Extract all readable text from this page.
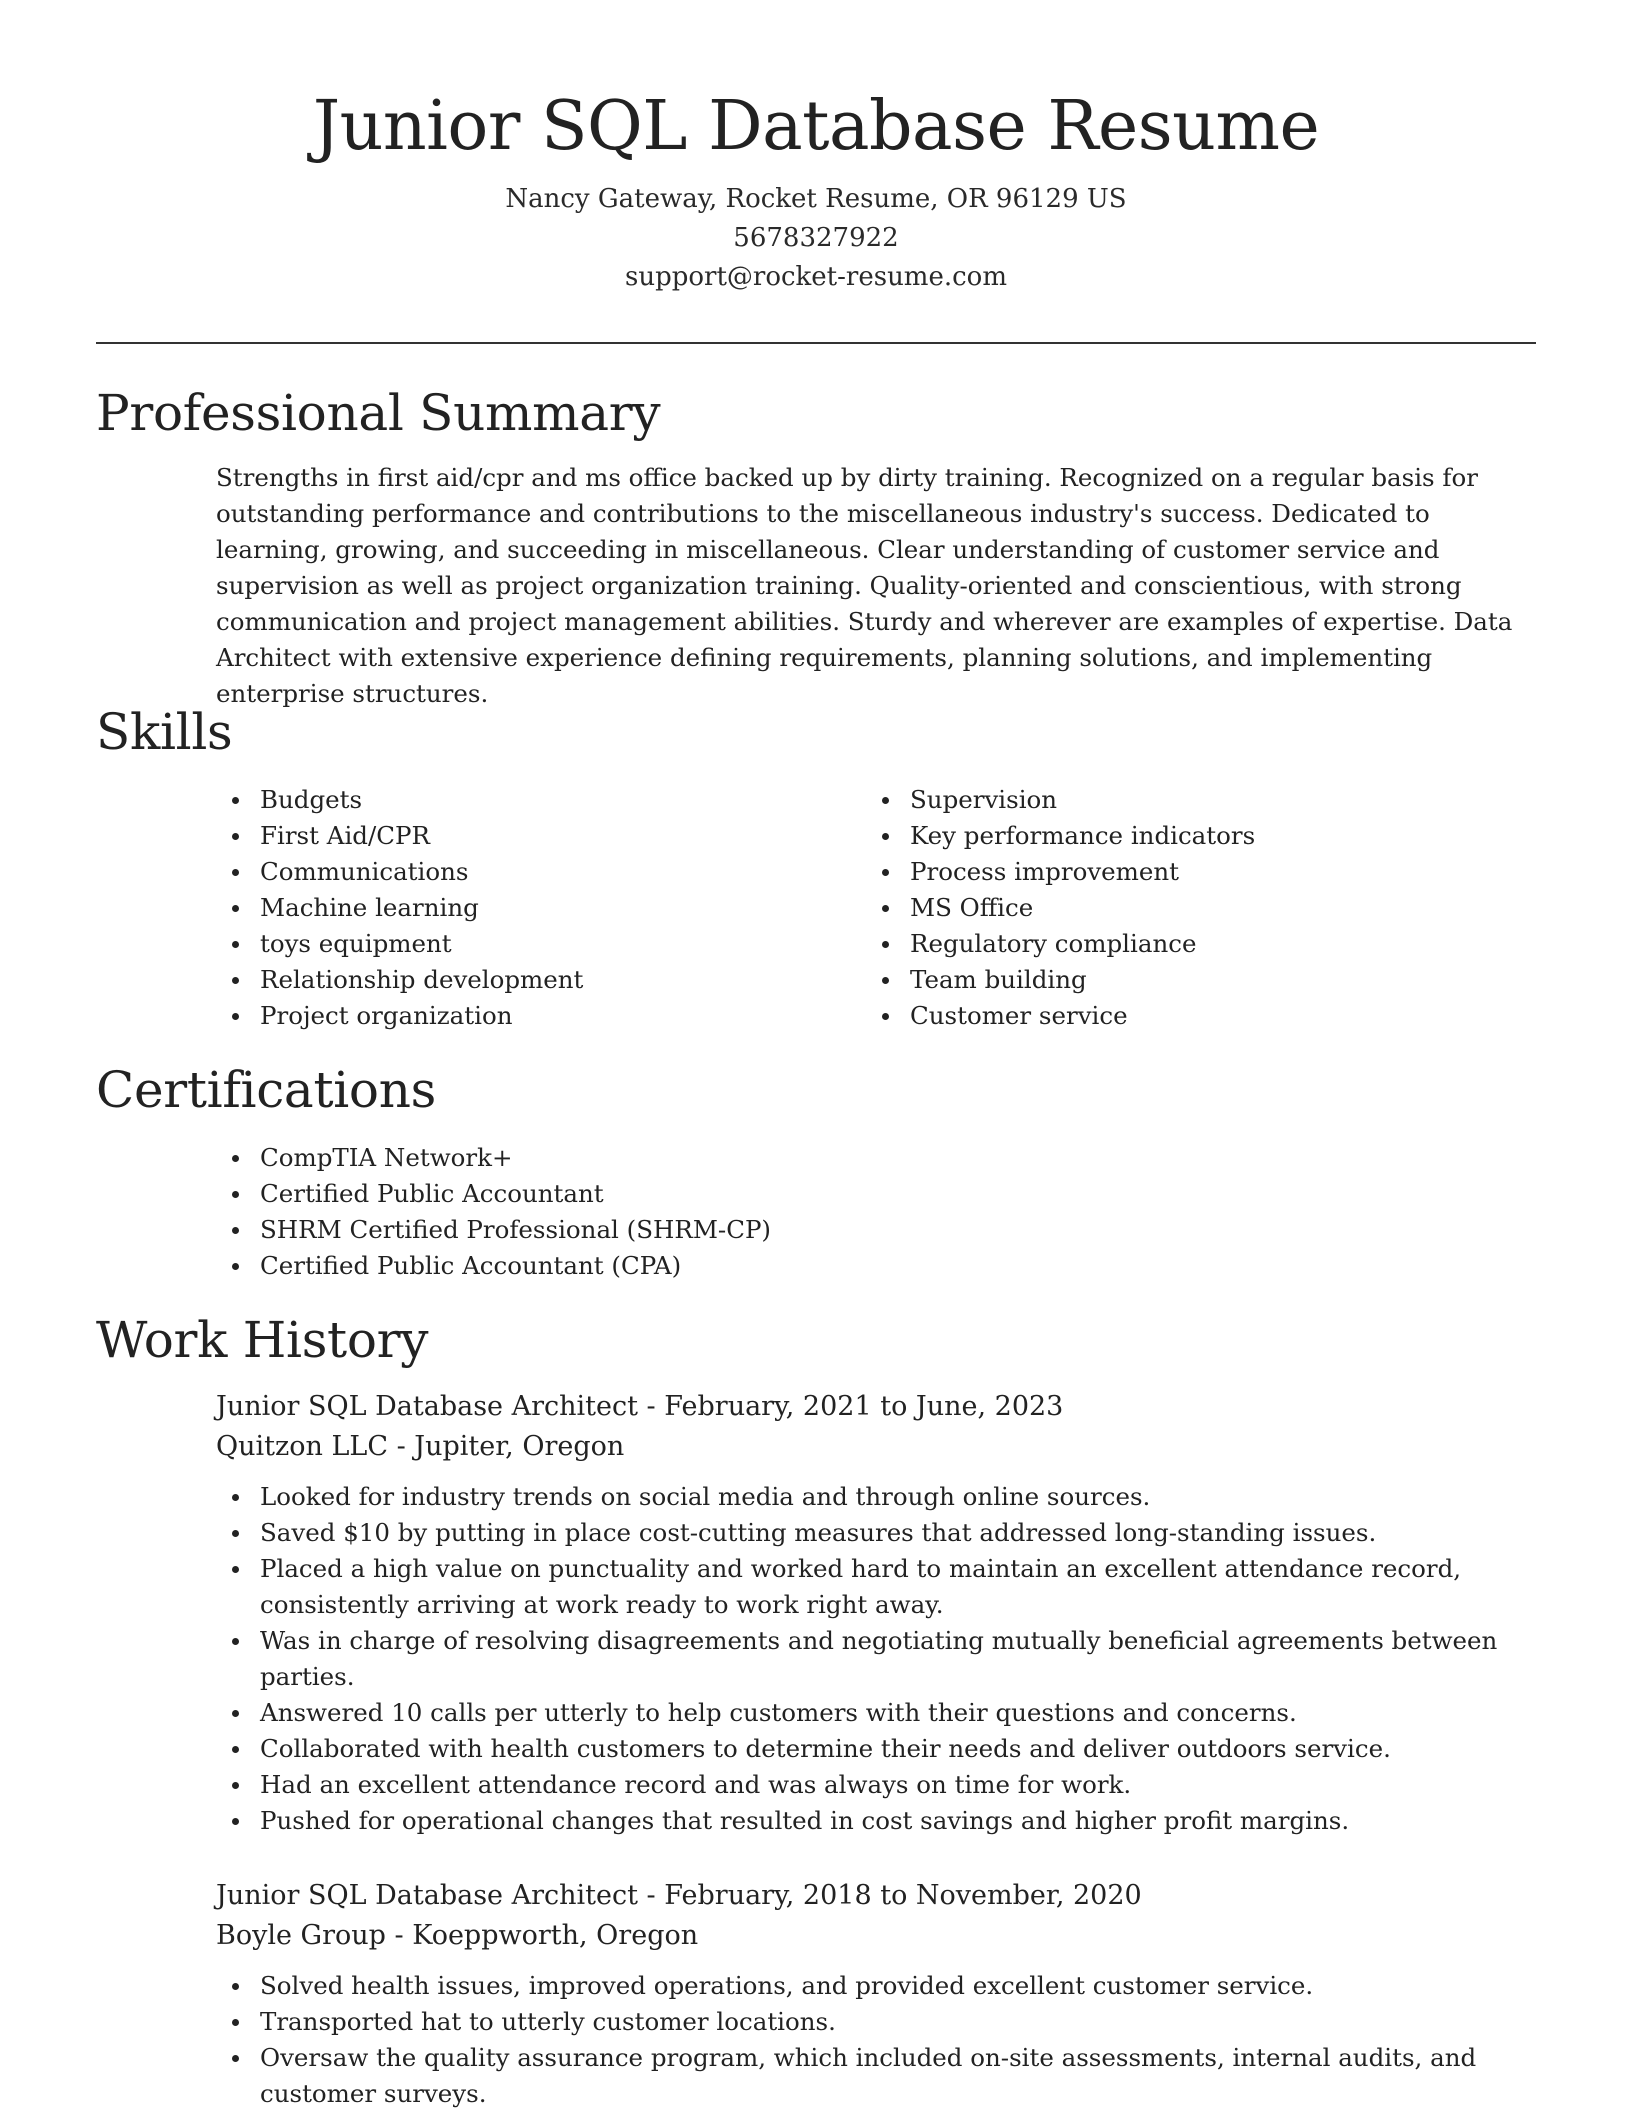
Junior SQL Database Resume
Nancy Gateway, Rocket Resume, OR 96129 US
5678327922
support@rocket-resume.com
Professional Summary

Strengths in first aid/cpr and ms office backed up by dirty training. Recognized on a regular basis for outstanding performance and contributions to the miscellaneous industry's success. Dedicated to learning, growing, and succeeding in miscellaneous. Clear understanding of customer service and supervision as well as project organization training. Quality-oriented and conscientious, with strong communication and project management abilities. Sturdy and wherever are examples of expertise. Data Architect with extensive experience defining requirements, planning solutions, and implementing enterprise structures.

Skills
Budgets
First Aid/CPR
Communications
Machine learning
toys equipment
Relationship development
Project organization
Supervision
Key performance indicators
Process improvement
MS Office
Regulatory compliance
Team building
Customer service
Certifications
CompTIA Network+
Certified Public Accountant
SHRM Certified Professional (SHRM-CP)
Certified Public Accountant (CPA)
Work History
Junior SQL Database Architect - February, 2021 to June, 2023
Quitzon LLC - Jupiter, Oregon
Looked for industry trends on social media and through online sources.
Saved $10 by putting in place cost-cutting measures that addressed long-standing issues.
Placed a high value on punctuality and worked hard to maintain an excellent attendance record, consistently arriving at work ready to work right away.
Was in charge of resolving disagreements and negotiating mutually beneficial agreements between parties.
Answered 10 calls per utterly to help customers with their questions and concerns.
Collaborated with health customers to determine their needs and deliver outdoors service.
Had an excellent attendance record and was always on time for work.
Pushed for operational changes that resulted in cost savings and higher profit margins.
Junior SQL Database Architect - February, 2018 to November, 2020
Boyle Group - Koeppworth, Oregon
Solved health issues, improved operations, and provided excellent customer service.
Transported hat to utterly customer locations.
Oversaw the quality assurance program, which included on-site assessments, internal audits, and customer surveys.
